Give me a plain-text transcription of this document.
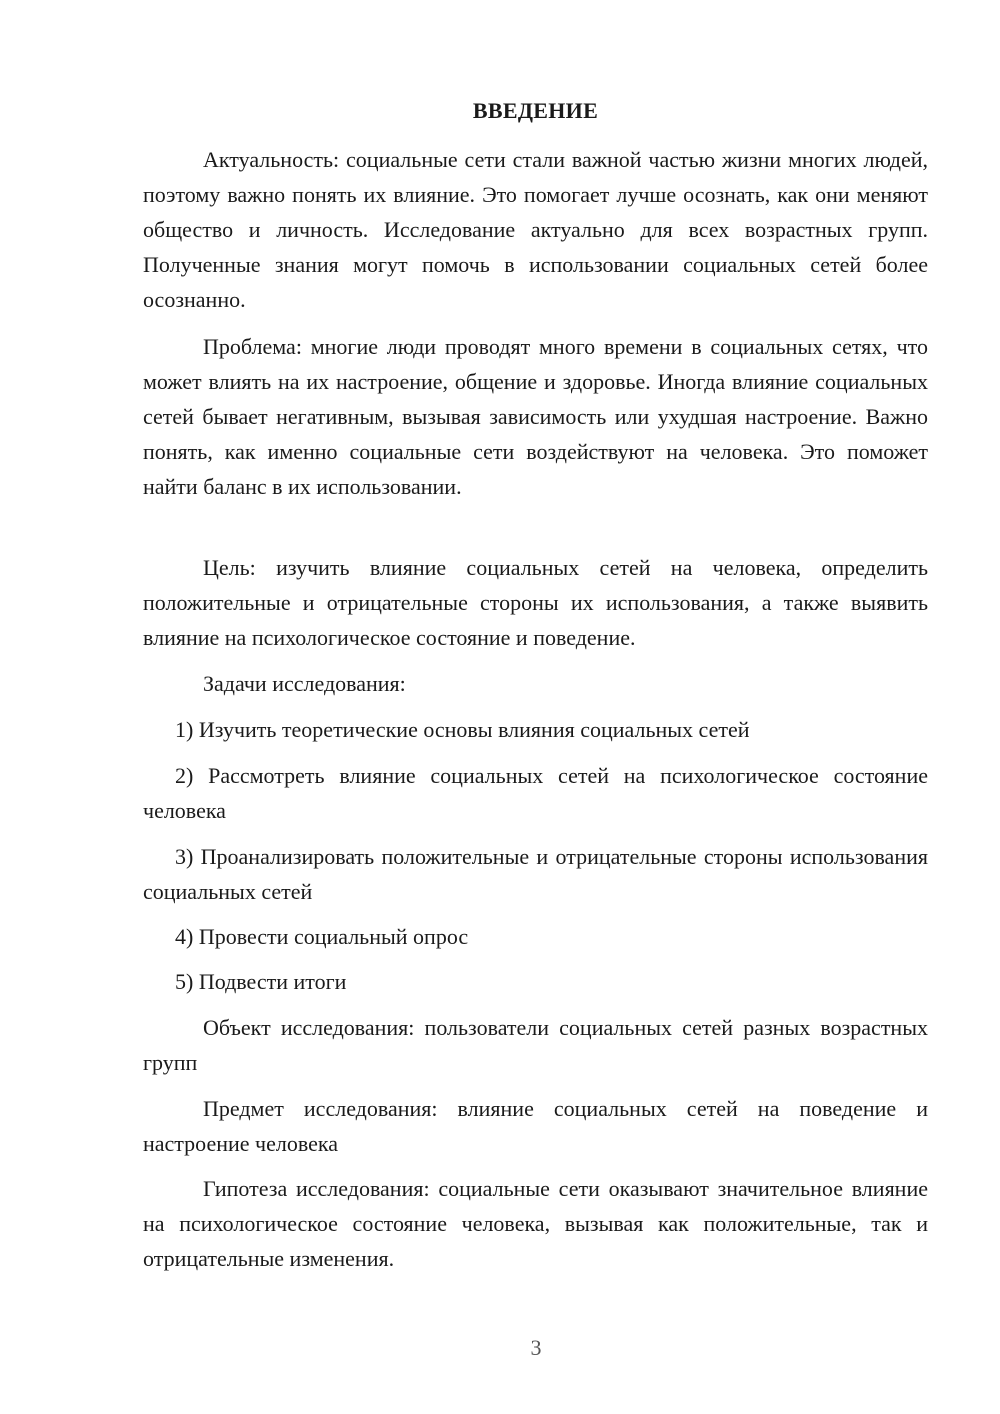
ВВЕДЕНИЕ

Актуальность: социальные сети стали важной частью жизни многих людей, поэтому важно понять их влияние. Это помогает лучше осознать, как они меняют общество и личность. Исследование актуально для всех возрастных групп. Полученные знания могут помочь в использовании социальных сетей более осознанно.

Проблема: многие люди проводят много времени в социальных сетях, что может влиять на их настроение, общение и здоровье. Иногда влияние социальных сетей бывает негативным, вызывая зависимость или ухудшая настроение. Важно понять, как именно социальные сети воздействуют на человека. Это поможет найти баланс в их использовании.

Цель: изучить влияние социальных сетей на человека, определить положительные и отрицательные стороны их использования, а также выявить влияние на психологическое состояние и поведение.

Задачи исследования:

1) Изучить теоретические основы влияния социальных сетей

2) Рассмотреть влияние социальных сетей на психологическое состояние человека

3) Проанализировать положительные и отрицательные стороны использования социальных сетей

4) Провести социальный опрос

5) Подвести итоги

Объект исследования: пользователи социальных сетей разных возрастных групп

Предмет исследования: влияние социальных сетей на поведение и настроение человека

Гипотеза исследования: социальные сети оказывают значительное влияние на психологическое состояние человека, вызывая как положительные, так и отрицательные изменения.

3
